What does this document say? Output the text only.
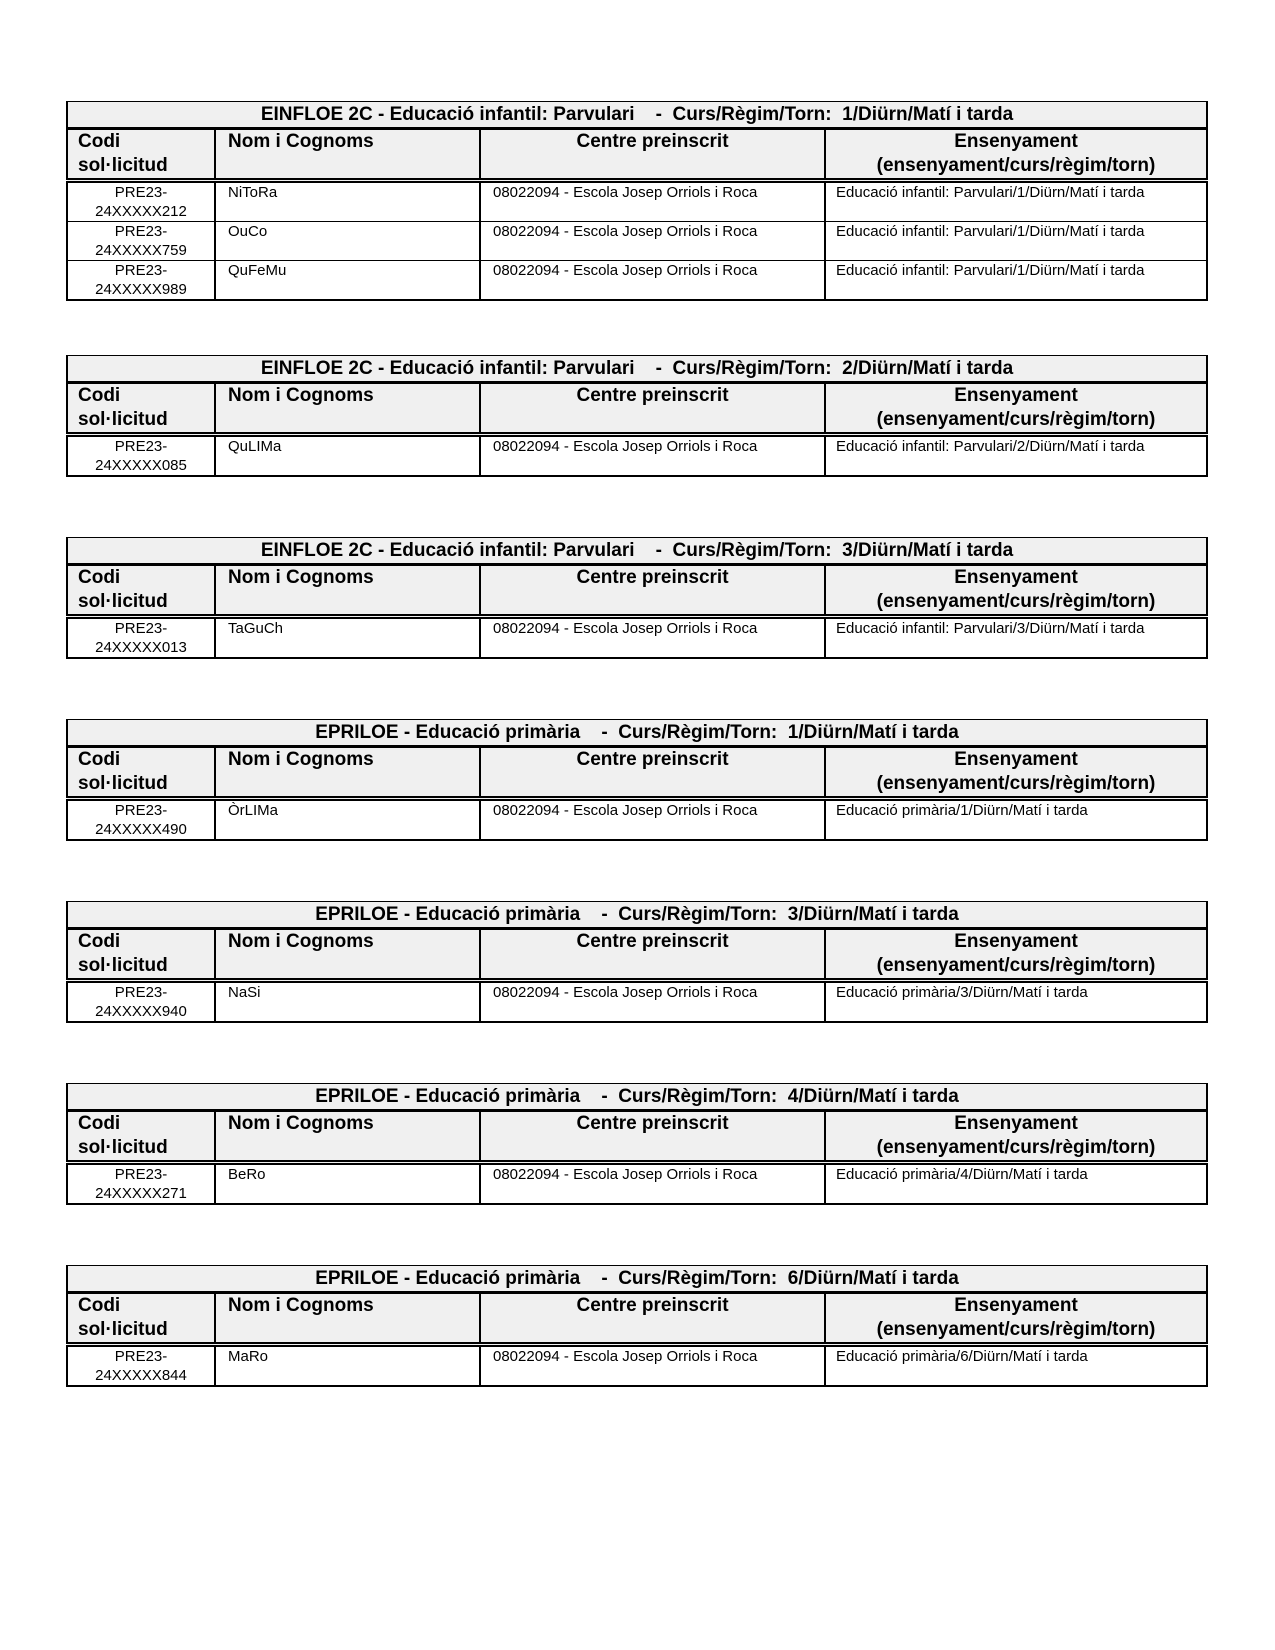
EINFLOE 2C - Educació infantil: Parvulari    -  Curs/Règim/Torn:  1/Diürn/Matí i tarda			
Codi
sol·licitud	Nom i Cognoms	Centre preinscrit	Ensenyament
(ensenyament/curs/règim/torn)
PRE23-
24XXXXX212	NiToRa	08022094 - Escola Josep Orriols i Roca	Educació infantil: Parvulari/1/Diürn/Matí i tarda
PRE23-
24XXXXX759	OuCo	08022094 - Escola Josep Orriols i Roca	Educació infantil: Parvulari/1/Diürn/Matí i tarda
PRE23-
24XXXXX989	QuFeMu	08022094 - Escola Josep Orriols i Roca	Educació infantil: Parvulari/1/Diürn/Matí i tarda
EINFLOE 2C - Educació infantil: Parvulari    -  Curs/Règim/Torn:  2/Diürn/Matí i tarda			
Codi
sol·licitud	Nom i Cognoms	Centre preinscrit	Ensenyament
(ensenyament/curs/règim/torn)
PRE23-
24XXXXX085	QuLIMa	08022094 - Escola Josep Orriols i Roca	Educació infantil: Parvulari/2/Diürn/Matí i tarda
EINFLOE 2C - Educació infantil: Parvulari    -  Curs/Règim/Torn:  3/Diürn/Matí i tarda			
Codi
sol·licitud	Nom i Cognoms	Centre preinscrit	Ensenyament
(ensenyament/curs/règim/torn)
PRE23-
24XXXXX013	TaGuCh	08022094 - Escola Josep Orriols i Roca	Educació infantil: Parvulari/3/Diürn/Matí i tarda
EPRILOE - Educació primària    -  Curs/Règim/Torn:  1/Diürn/Matí i tarda			
Codi
sol·licitud	Nom i Cognoms	Centre preinscrit	Ensenyament
(ensenyament/curs/règim/torn)
PRE23-
24XXXXX490	ÒrLIMa	08022094 - Escola Josep Orriols i Roca	Educació primària/1/Diürn/Matí i tarda
EPRILOE - Educació primària    -  Curs/Règim/Torn:  3/Diürn/Matí i tarda			
Codi
sol·licitud	Nom i Cognoms	Centre preinscrit	Ensenyament
(ensenyament/curs/règim/torn)
PRE23-
24XXXXX940	NaSi	08022094 - Escola Josep Orriols i Roca	Educació primària/3/Diürn/Matí i tarda
EPRILOE - Educació primària    -  Curs/Règim/Torn:  4/Diürn/Matí i tarda			
Codi
sol·licitud	Nom i Cognoms	Centre preinscrit	Ensenyament
(ensenyament/curs/règim/torn)
PRE23-
24XXXXX271	BeRo	08022094 - Escola Josep Orriols i Roca	Educació primària/4/Diürn/Matí i tarda
EPRILOE - Educació primària    -  Curs/Règim/Torn:  6/Diürn/Matí i tarda			
Codi
sol·licitud	Nom i Cognoms	Centre preinscrit	Ensenyament
(ensenyament/curs/règim/torn)
PRE23-
24XXXXX844	MaRo	08022094 - Escola Josep Orriols i Roca	Educació primària/6/Diürn/Matí i tarda
